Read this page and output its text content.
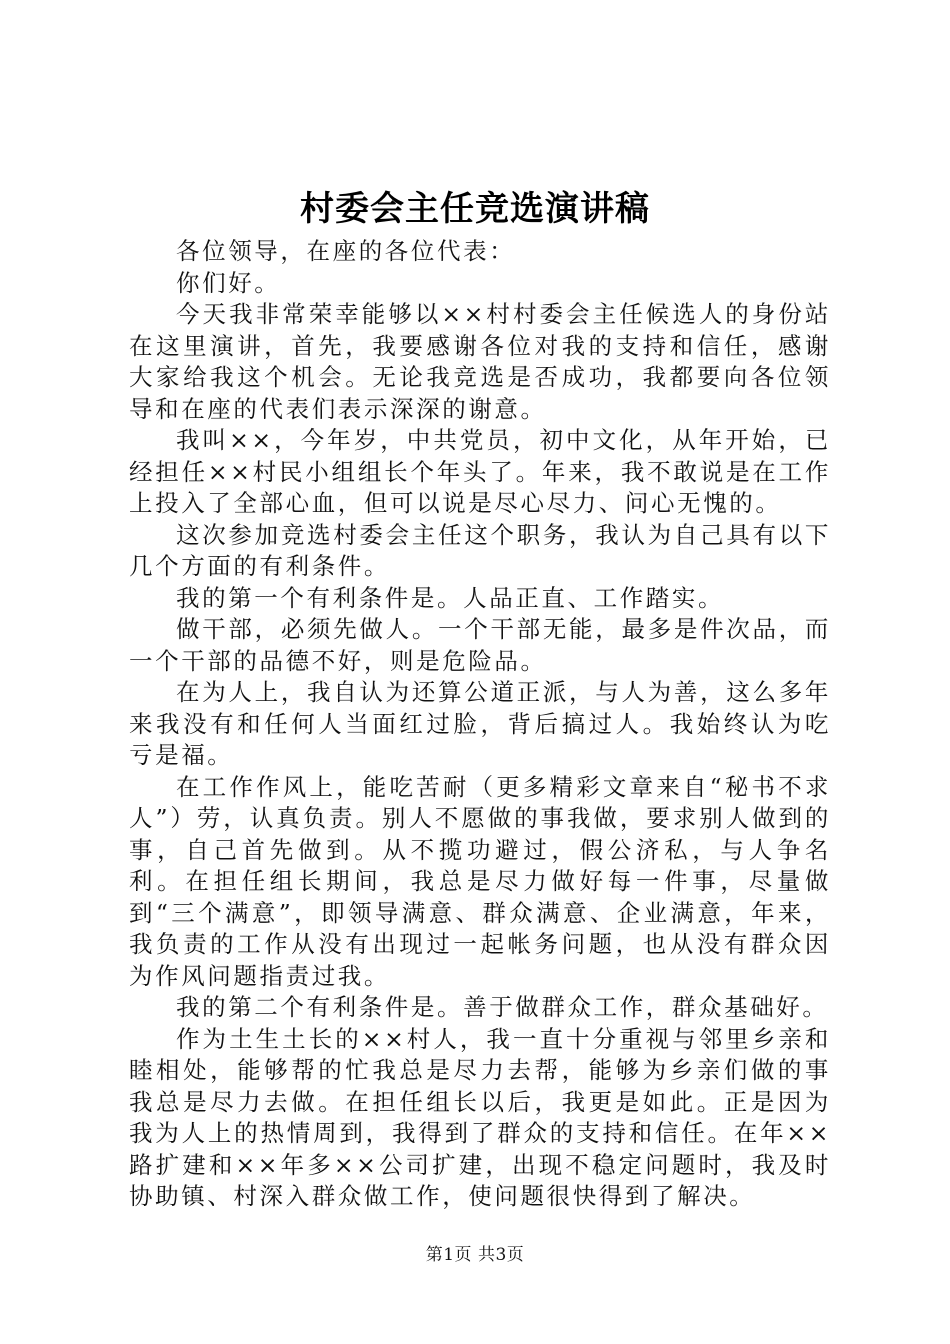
村委会主任竞选演讲稿

各位领导，在座的各位代表：

你们好。

今天我非常荣幸能够以××村村委会主任候选人的身份站在这里演讲，首先，我要感谢各位对我的支持和信任，感谢大家给我这个机会。无论我竞选是否成功，我都要向各位领导和在座的代表们表示深深的谢意。

我叫××，今年岁，中共党员，初中文化，从年开始，已经担任××村民小组组长个年头了。年来，我不敢说是在工作上投入了全部心血，但可以说是尽心尽力、问心无愧的。

这次参加竞选村委会主任这个职务，我认为自己具有以下几个方面的有利条件。

我的第一个有利条件是。人品正直、工作踏实。

做干部，必须先做人。一个干部无能，最多是件次品，而一个干部的品德不好，则是危险品。

在为人上，我自认为还算公道正派，与人为善，这么多年来我没有和任何人当面红过脸，背后搞过人。我始终认为吃亏是福。

在工作作风上，能吃苦耐（更多精彩文章来自“秘书不求人”）劳，认真负责。别人不愿做的事我做，要求别人做到的事，自己首先做到。从不揽功避过，假公济私，与人争名利。在担任组长期间，我总是尽力做好每一件事，尽量做到“三个满意”，即领导满意、群众满意、企业满意，年来，我负责的工作从没有出现过一起帐务问题，也从没有群众因为作风问题指责过我。

我的第二个有利条件是。善于做群众工作，群众基础好。

作为土生土长的××村人，我一直十分重视与邻里乡亲和睦相处，能够帮的忙我总是尽力去帮，能够为乡亲们做的事我总是尽力去做。在担任组长以后，我更是如此。正是因为我为人上的热情周到，我得到了群众的支持和信任。在年××路扩建和××年多××公司扩建，出现不稳定问题时，我及时协助镇、村深入群众做工作，使问题很快得到了解决。

第1页 共3页
